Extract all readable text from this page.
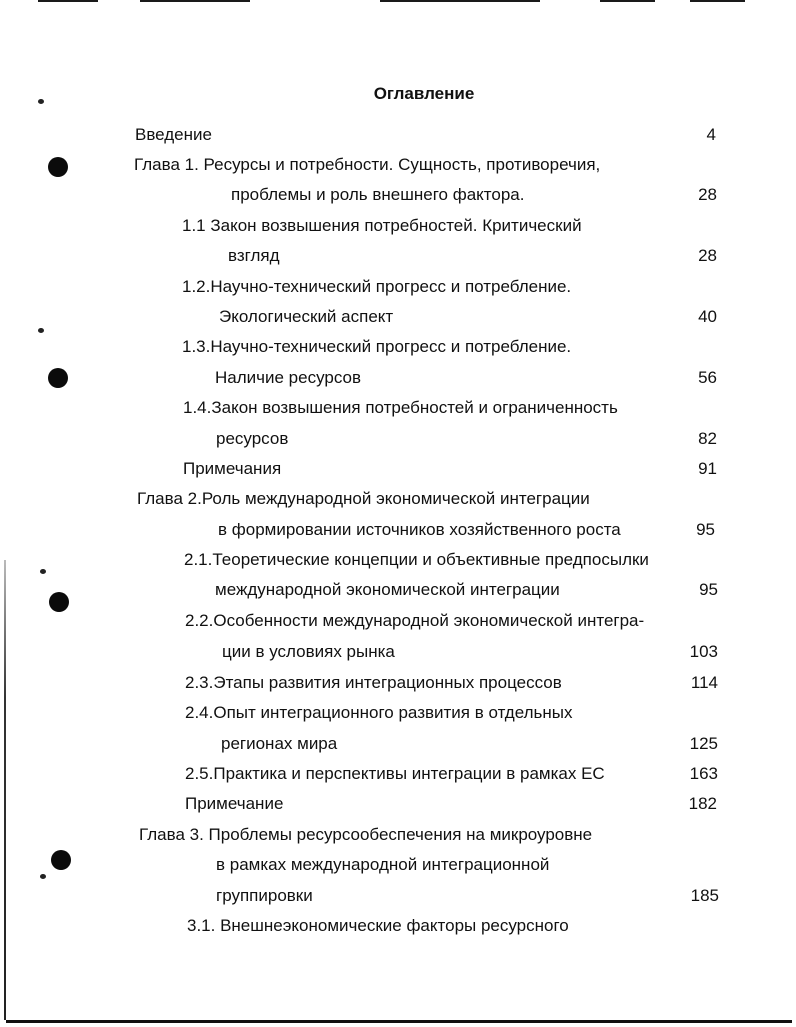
Оглавление
Введение	4
Глава 1. Ресурсы и потребности. Сущность, противоречия,
проблемы и роль внешнего фактора.	28
1.1 Закон возвышения потребностей. Критический
взгляд	28
1.2.Научно-технический прогресс и потребление.
Экологический аспект	40
1.3.Научно-технический прогресс и потребление.
Наличие ресурсов	56
1.4.Закон возвышения потребностей и ограниченность
ресурсов	82
Примечания	91
Глава 2.Роль международной экономической интеграции
в формировании источников хозяйственного роста	95
2.1.Теоретические концепции и объективные предпосылки
международной экономической интеграции	95
2.2.Особенности международной экономической интегра-
ции в условиях рынка	103
2.3.Этапы развития интеграционных процессов	114
2.4.Опыт интеграционного развития в отдельных
регионах мира	125
2.5.Практика и перспективы интеграции в рамках ЕС	163
Примечание	182
Глава 3. Проблемы ресурсообеспечения на микроуровне
в рамках международной интеграционной
группировки	185
3.1. Внешнеэкономические факторы ресурсного
